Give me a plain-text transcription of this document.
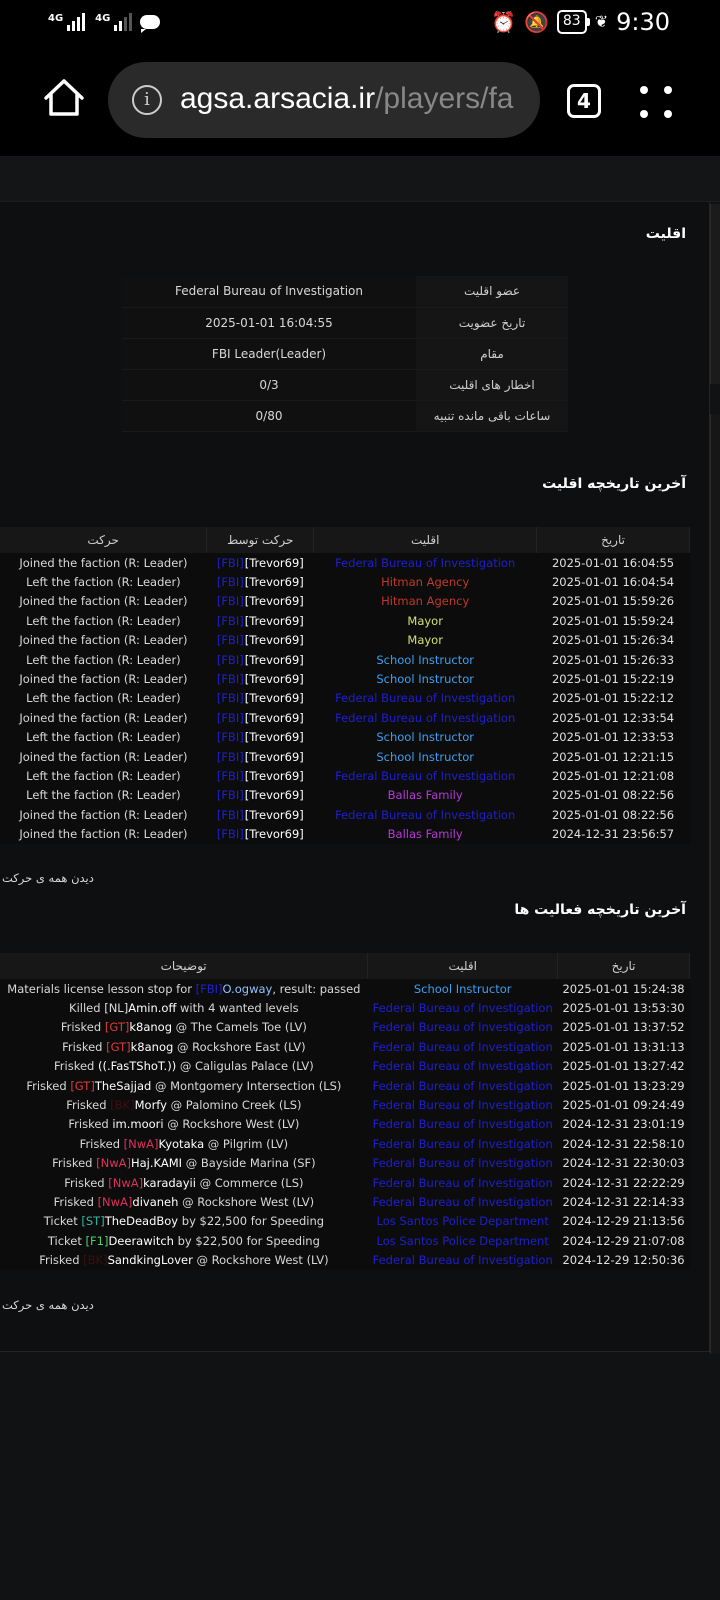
4G	4G	⏰ 🔕	83 ❦ 9:30
i	agsa.arsacia.ir/players/fa	4
اقلیت
Federal Bureau of Investigation	عضو اقلیت
2025-01-01 16:04:55	تاریخ عضویت
FBI Leader(Leader)	مقام
0/3	اخطار های اقلیت
0/80	ساعات باقی مانده تنبیه
آخرین تاریخچه اقلیت
حرکت	حرکت توسط	اقلیت	تاریخ
Joined the faction (R: Leader)	[FBI][Trevor69]	Federal Bureau of Investigation	2025-01-01 16:04:55
Left the faction (R: Leader)	[FBI][Trevor69]	Hitman Agency	2025-01-01 16:04:54
Joined the faction (R: Leader)	[FBI][Trevor69]	Hitman Agency	2025-01-01 15:59:26
Left the faction (R: Leader)	[FBI][Trevor69]	Mayor	2025-01-01 15:59:24
Joined the faction (R: Leader)	[FBI][Trevor69]	Mayor	2025-01-01 15:26:34
Left the faction (R: Leader)	[FBI][Trevor69]	School Instructor	2025-01-01 15:26:33
Joined the faction (R: Leader)	[FBI][Trevor69]	School Instructor	2025-01-01 15:22:19
Left the faction (R: Leader)	[FBI][Trevor69]	Federal Bureau of Investigation	2025-01-01 15:22:12
Joined the faction (R: Leader)	[FBI][Trevor69]	Federal Bureau of Investigation	2025-01-01 12:33:54
Left the faction (R: Leader)	[FBI][Trevor69]	School Instructor	2025-01-01 12:33:53
Joined the faction (R: Leader)	[FBI][Trevor69]	School Instructor	2025-01-01 12:21:15
Left the faction (R: Leader)	[FBI][Trevor69]	Federal Bureau of Investigation	2025-01-01 12:21:08
Left the faction (R: Leader)	[FBI][Trevor69]	Ballas Family	2025-01-01 08:22:56
Joined the faction (R: Leader)	[FBI][Trevor69]	Federal Bureau of Investigation	2025-01-01 08:22:56
Joined the faction (R: Leader)	[FBI][Trevor69]	Ballas Family	2024-12-31 23:56:57
دیدن همه ی حرکت
آخرین تاریخچه فعالیت ها
توضیحات	اقلیت	تاریخ
Materials license lesson stop for [FBI]O.ogway, result: passed	School Instructor	2025-01-01 15:24:38
Killed [NL]Amin.off with 4 wanted levels	Federal Bureau of Investigation	2025-01-01 13:53:30
Frisked [GT]k8anog @ The Camels Toe (LV)	Federal Bureau of Investigation	2025-01-01 13:37:52
Frisked [GT]k8anog @ Rockshore East (LV)	Federal Bureau of Investigation	2025-01-01 13:31:13
Frisked ((.FasTShoT.)) @ Caligulas Palace (LV)	Federal Bureau of Investigation	2025-01-01 13:27:42
Frisked [GT]TheSajjad @ Montgomery Intersection (LS)	Federal Bureau of Investigation	2025-01-01 13:23:29
Frisked [BK]Morfy @ Palomino Creek (LS)	Federal Bureau of Investigation	2025-01-01 09:24:49
Frisked im.moori @ Rockshore West (LV)	Federal Bureau of Investigation	2024-12-31 23:01:19
Frisked [NwA]Kyotaka @ Pilgrim (LV)	Federal Bureau of Investigation	2024-12-31 22:58:10
Frisked [NwA]Haj.KAMI @ Bayside Marina (SF)	Federal Bureau of Investigation	2024-12-31 22:30:03
Frisked [NwA]karadayii @ Commerce (LS)	Federal Bureau of Investigation	2024-12-31 22:22:29
Frisked [NwA]divaneh @ Rockshore West (LV)	Federal Bureau of Investigation	2024-12-31 22:14:33
Ticket [ST]TheDeadBoy by $22,500 for Speeding	Los Santos Police Department	2024-12-29 21:13:56
Ticket [F1]Deerawitch by $22,500 for Speeding	Los Santos Police Department	2024-12-29 21:07:08
Frisked [BK]SandkingLover @ Rockshore West (LV)	Federal Bureau of Investigation	2024-12-29 12:50:36
دیدن همه ی حرکت
